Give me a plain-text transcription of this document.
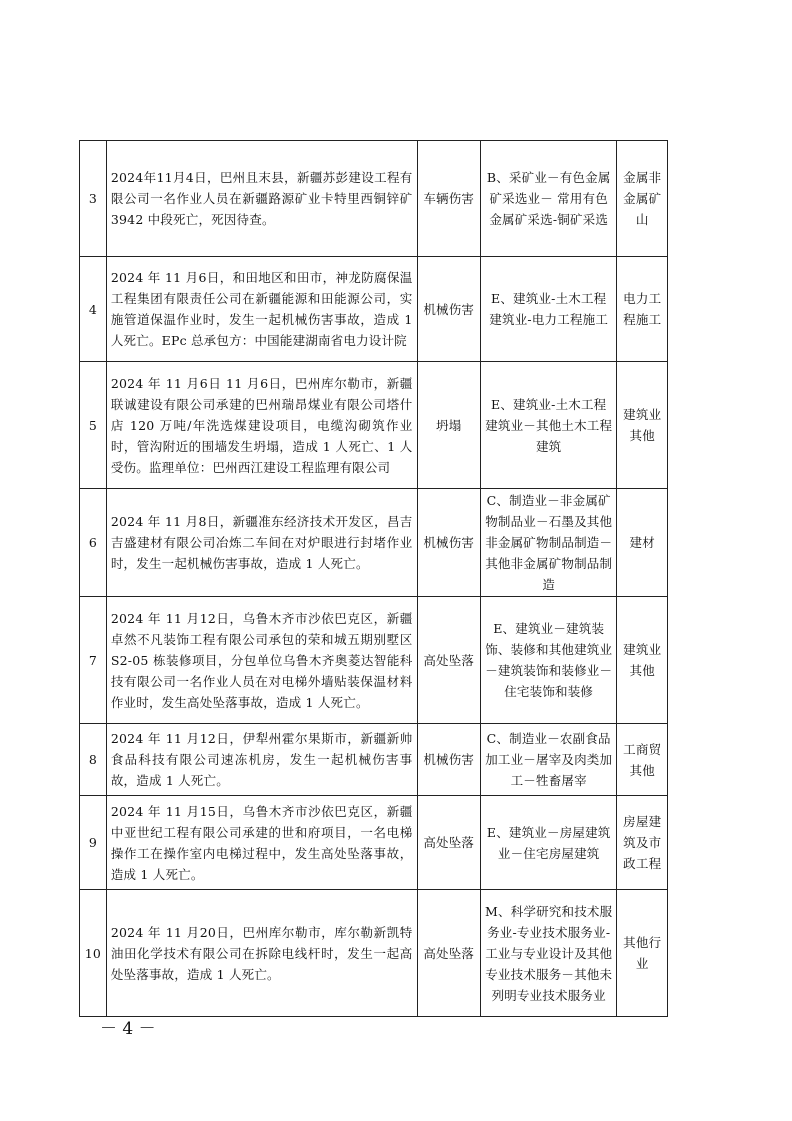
3	2024年11月4日，巴州且末县，新疆苏彭建设工程有限公司一名作业人员在新疆路源矿业卡特里西铜锌矿 3942 中段死亡，死因待查。	车辆伤害	B、采矿业－有色金属矿采选业－ 常用有色金属矿采选-铜矿采选	金属非金属矿山
4	2024 年 11 月6日，和田地区和田市，神龙防腐保温工程集团有限责任公司在新疆能源和田能源公司，实施管道保温作业时，发生一起机械伤害事故，造成 1 人死亡。EPc 总承包方：中国能建湖南省电力设计院	机械伤害	E、建筑业-土木工程建筑业-电力工程施工	电力工程施工
5	2024 年 11 月6日 11 月6日，巴州库尔勒市，新疆联诚建设有限公司承建的巴州瑞昂煤业有限公司塔什店 120 万吨/年洗选煤建设项目，电缆沟砌筑作业时，管沟附近的围墙发生坍塌，造成 1 人死亡、1 人受伤。监理单位：巴州西江建设工程监理有限公司	坍塌	E、建筑业-土木工程建筑业－其他土木工程建筑	建筑业其他
6	2024 年 11 月8日，新疆准东经济技术开发区，昌吉吉盛建材有限公司冶炼二车间在对炉眼进行封堵作业时，发生一起机械伤害事故，造成 1 人死亡。	机械伤害	C、制造业－非金属矿物制品业－石墨及其他非金属矿物制品制造－其他非金属矿物制品制造	建材
7	2024 年 11 月12日，乌鲁木齐市沙依巴克区，新疆卓然不凡装饰工程有限公司承包的荣和城五期别墅区 S2-05 栋装修项目，分包单位乌鲁木齐奥菱达智能科技有限公司一名作业人员在对电梯外墙贴装保温材料作业时，发生高处坠落事故，造成 1 人死亡。	高处坠落	E、建筑业－建筑装饰、装修和其他建筑业－建筑装饰和装修业－住宅装饰和装修	建筑业其他
8	2024 年 11 月12日，伊犁州霍尔果斯市，新疆新帅食品科技有限公司速冻机房，发生一起机械伤害事故，造成 1 人死亡。	机械伤害	C、制造业－农副食品加工业－屠宰及肉类加工－牲畜屠宰	工商贸其他
9	2024 年 11 月15日，乌鲁木齐市沙依巴克区，新疆中亚世纪工程有限公司承建的世和府项目，一名电梯操作工在操作室内电梯过程中，发生高处坠落事故，造成 1 人死亡。	高处坠落	E、建筑业－房屋建筑业－住宅房屋建筑	房屋建筑及市政工程
10	2024 年 11 月20日，巴州库尔勒市，库尔勒新凯特油田化学技术有限公司在拆除电线杆时，发生一起高处坠落事故，造成 1 人死亡。	高处坠落	M、科学研究和技术服务业-专业技术服务业-工业与专业设计及其他专业技术服务－其他未列明专业技术服务业	其他行业
－ 4 －
